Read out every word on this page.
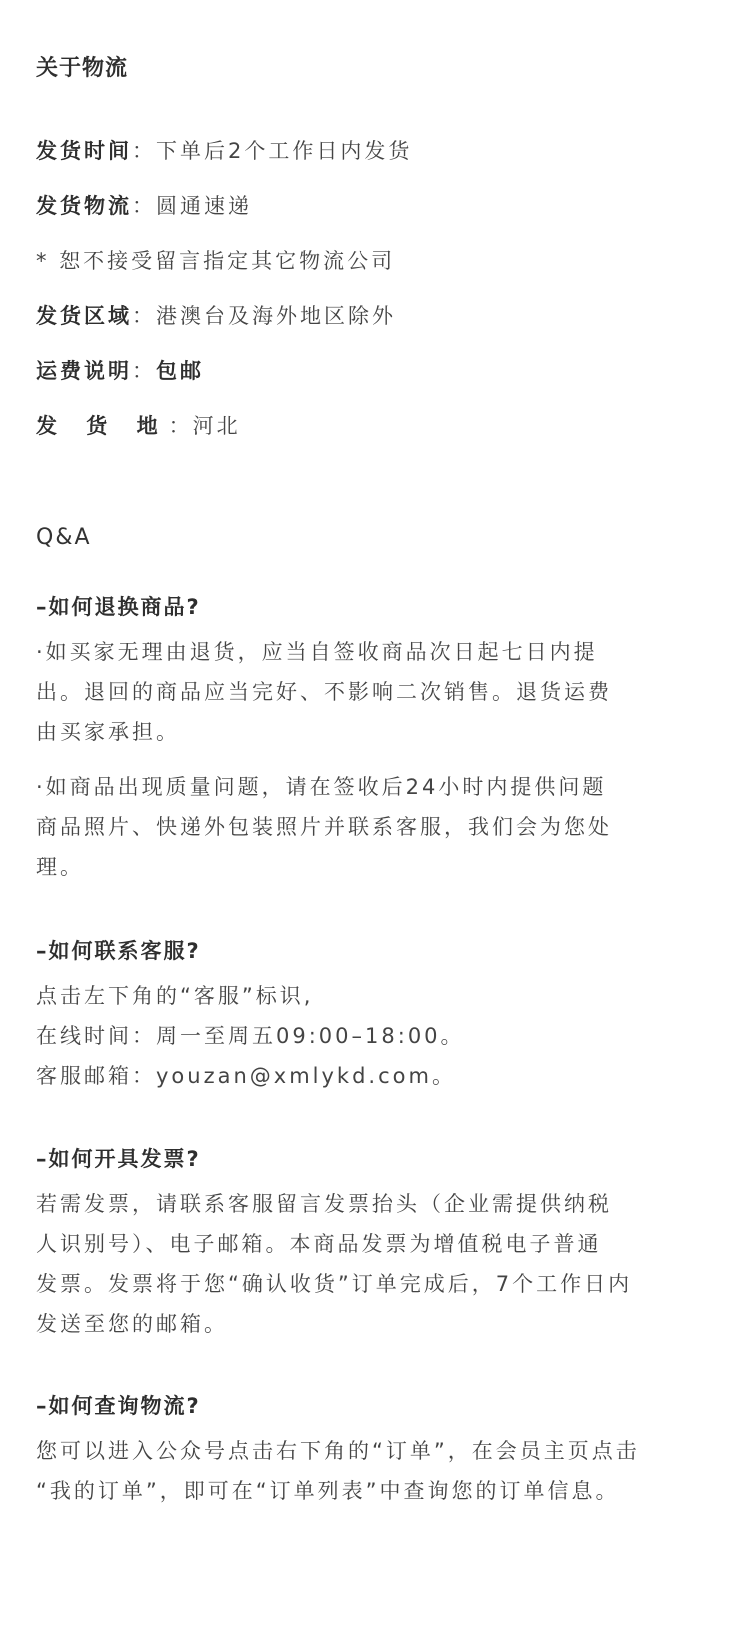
关于物流
发货时间：下单后2个工作日内发货
发货物流：圆通速递
* 恕不接受留言指定其它物流公司
发货区域：港澳台及海外地区除外
运费说明：包邮
发 货 地：河北
Q&A
–如何退换商品?
·如买家无理由退货，应当自签收商品次日起七日内提
出。退回的商品应当完好、不影响二次销售。退货运费
由买家承担。
·如商品出现质量问题，请在签收后24小时内提供问题
商品照片、快递外包装照片并联系客服，我们会为您处
理。
–如何联系客服?
点击左下角的“客服”标识,
在线时间：周一至周五09:00–18:00。
客服邮箱：youzan@xmlykd.com。
–如何开具发票?
若需发票，请联系客服留言发票抬头（企业需提供纳税
人识别号）、电子邮箱。本商品发票为增值税电子普通
发票。发票将于您“确认收货”订单完成后，7个工作日内
发送至您的邮箱。
–如何查询物流?
您可以进入公众号点击右下角的“订单”，在会员主页点击
“我的订单”，即可在“订单列表”中查询您的订单信息。
